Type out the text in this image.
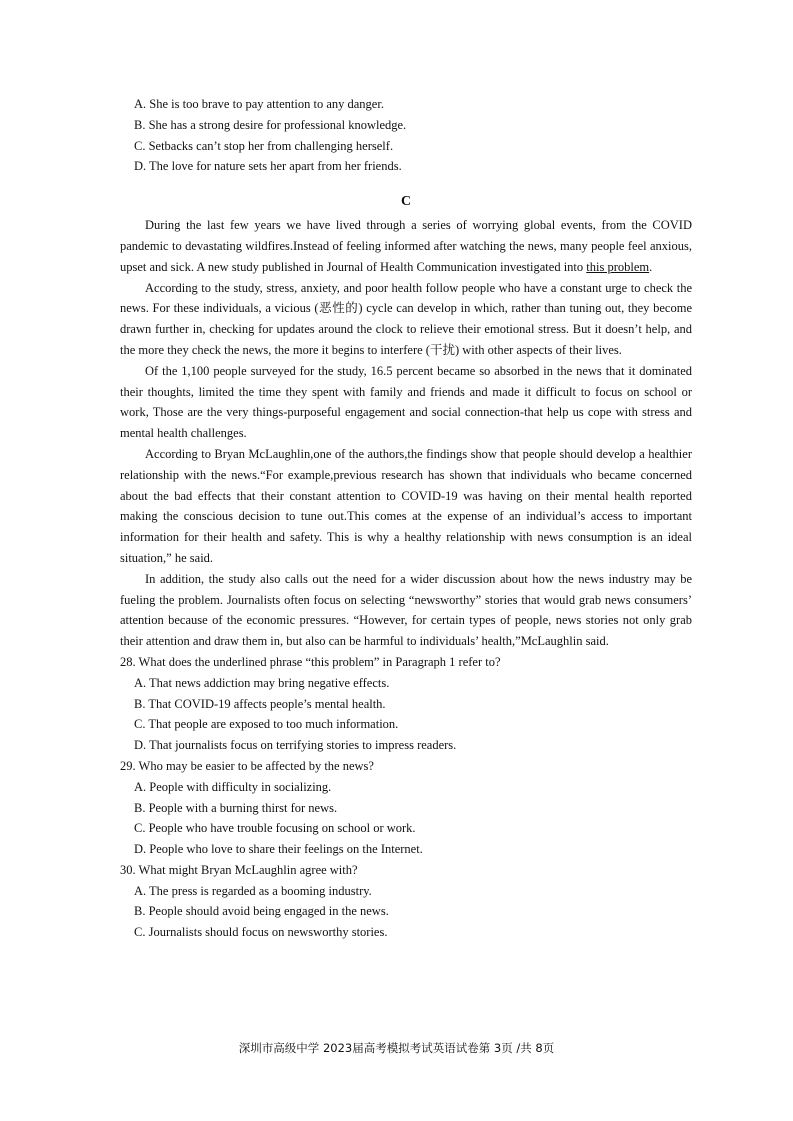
A. She is too brave to pay attention to any danger.
B. She has a strong desire for professional knowledge.
C. Setbacks can’t stop her from challenging herself.
D. The love for nature sets her apart from her friends.
C

During the last few years we have lived through a series of worrying global events, from the COVID pandemic to devastating wildfires.Instead of feeling informed after watching the news, many people feel anxious, upset and sick. A new study published in Journal of Health Communication investigated into this problem.

According to the study, stress, anxiety, and poor health follow people who have a constant urge to check the news. For these individuals, a vicious (恶性的) cycle can develop in which, rather than tuning out, they become drawn further in, checking for updates around the clock to relieve their emotional stress. But it doesn’t help, and the more they check the news, the more it begins to interfere (干扰) with other aspects of their lives.

Of the 1,100 people surveyed for the study, 16.5 percent became so absorbed in the news that it dominated their thoughts, limited the time they spent with family and friends and made it difficult to focus on school or work, Those are the very things-purposeful engagement and social connection-that help us cope with stress and mental health challenges.

According to Bryan McLaughlin,one of the authors,the findings show that people should develop a healthier relationship with the news.“For example,previous research has shown that individuals who became concerned about the bad effects that their constant attention to COVID-19 was having on their mental health reported making the conscious decision to tune out.This comes at the expense of an individual’s access to important information for their health and safety. This is why a healthy relationship with news consumption is an ideal situation,” he said.

In addition, the study also calls out the need for a wider discussion about how the news industry may be fueling the problem. Journalists often focus on selecting “newsworthy” stories that would grab news consumers’ attention because of the economic pressures. “However, for certain types of people, news stories not only grab their attention and draw them in, but also can be harmful to individuals’ health,”McLaughlin said.

28. What does the underlined phrase “this problem” in Paragraph 1 refer to?
A. That news addiction may bring negative effects.
B. That COVID-19 affects people’s mental health.
C. That people are exposed to too much information.
D. That journalists focus on terrifying stories to impress readers.
29. Who may be easier to be affected by the news?
A. People with difficulty in socializing.
B. People with a burning thirst for news.
C. People who have trouble focusing on school or work.
D. People who love to share their feelings on the Internet.
30. What might Bryan McLaughlin agree with?
A. The press is regarded as a booming industry.
B. People should avoid being engaged in the news.
C. Journalists should focus on newsworthy stories.
深圳市高级中学 2023届高考模拟考试英语试卷第 3页 /共 8页
